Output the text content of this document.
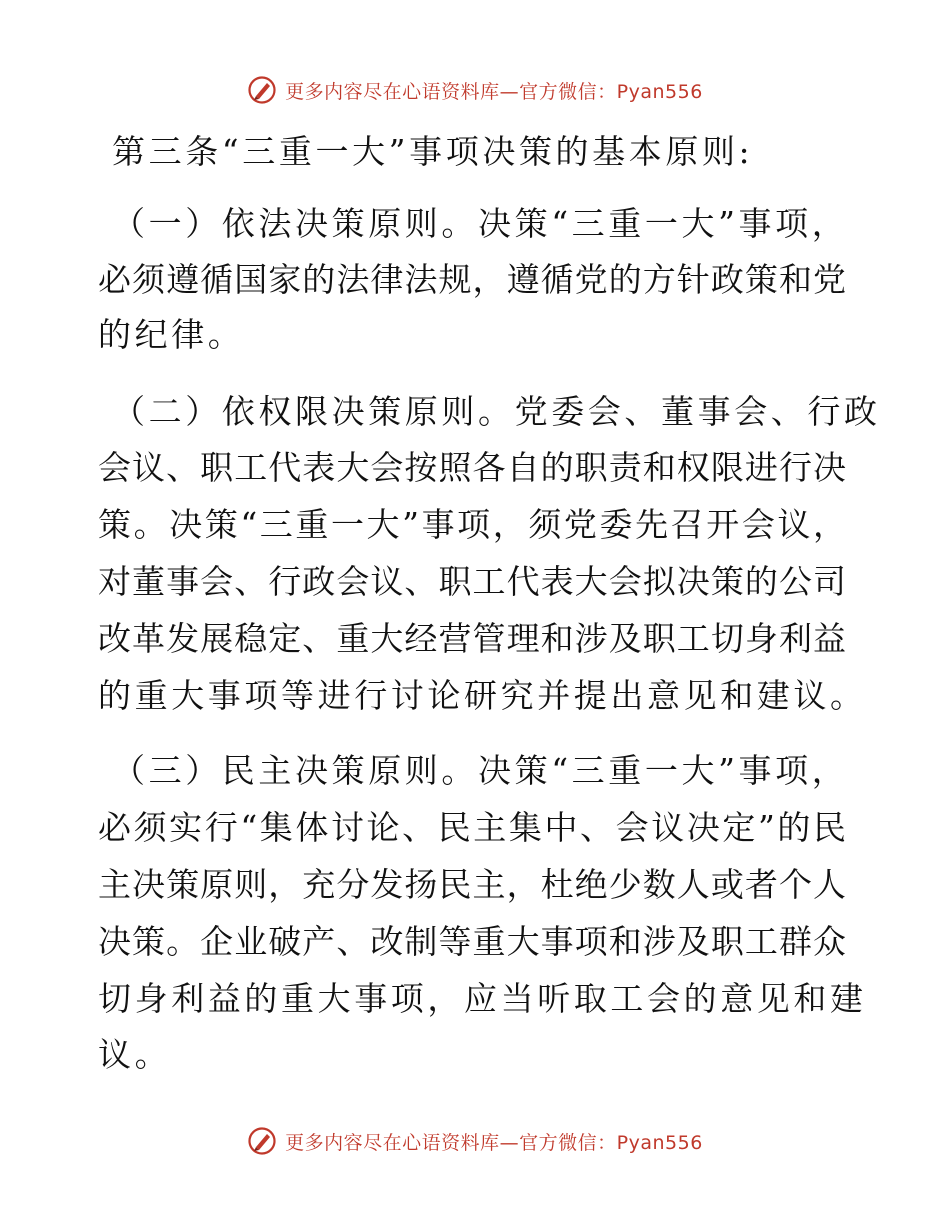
更多内容尽在心语资料库—官方微信：Pyan556
第三条“三重一大”事项决策的基本原则:
（一）依法决策原则。决策“三重一大”事项，
必须遵循国家的法律法规，遵循党的方针政策和党
的纪律。
（二）依权限决策原则。党委会、董事会、行政
会议、职工代表大会按照各自的职责和权限进行决
策。决策“三重一大”事项，须党委先召开会议，
对董事会、行政会议、职工代表大会拟决策的公司
改革发展稳定、重大经营管理和涉及职工切身利益
的重大事项等进行讨论研究并提出意见和建议。
（三）民主决策原则。决策“三重一大”事项，
必须实行“集体讨论、民主集中、会议决定”的民
主决策原则，充分发扬民主，杜绝少数人或者个人
决策。企业破产、改制等重大事项和涉及职工群众
切身利益的重大事项，应当听取工会的意见和建
议。
更多内容尽在心语资料库—官方微信：Pyan556
